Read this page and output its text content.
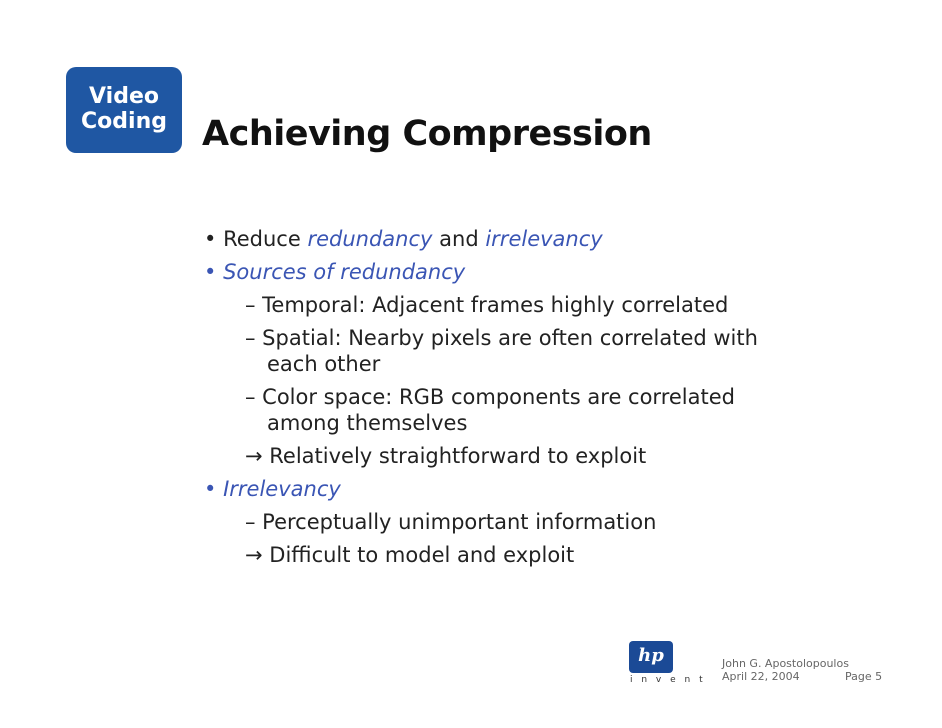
Video
Coding	Achieving Compression
• Reduce redundancy and irrelevancy
• Sources of redundancy
– Temporal: Adjacent frames highly correlated
– Spatial: Nearby pixels are often correlated with
each other
– Color space: RGB components are correlated
among themselves
→ Relatively straightforward to exploit
• Irrelevancy
– Perceptually unimportant information
→ Difficult to model and exploit
hp
i n v e n t
John G. Apostolopoulos
April 22, 2004	Page 5
